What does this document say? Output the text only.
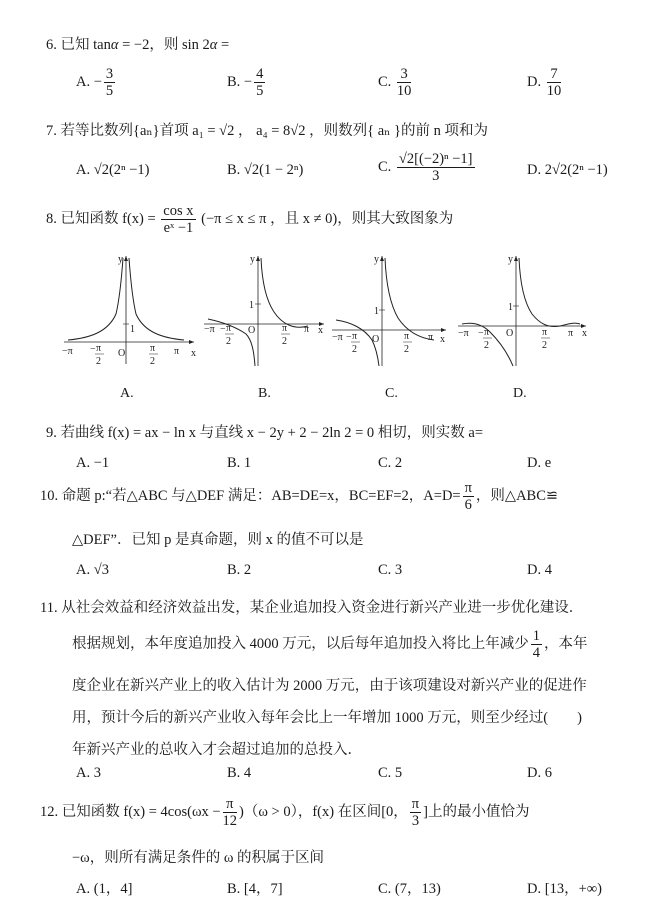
6. 已知 tanα = −2，则 sin 2α =
A. − $\frac{3}{5}$	B. − $\frac{4}{5}$	C. $\frac{3}{10}$	D. $\frac{7}{10}$
7. 若等比数列{aₙ}首项 a₁ = √2 ， a₄ = 8√2 ，则数列{ aₙ }的前 n 项和为
A. √2(2ⁿ −1)	B. √2(1 − 2ⁿ)	C. $\frac{\text{√2[(−2)ⁿ −1]}}{3}$	D. 2√2(2ⁿ −1)
8. 已知函数 $f(x) = \frac{\text{cos x}}{\text{eˣ −1}} (-\pi \le x \le \pi$ ，且 x ≠ 0)，则其大致图象为
y
x
O
1
−π	π
− π
2
π
2
y
x
O
1
−π	π
− π
2
π
2
y
x
O
1
−π	π
− π
2
π
2
y
x
O
1
−π	π
− π
2
π
2
A.	B.	C.	D.
9. 若曲线 f(x) = ax − ln x 与直线 x − 2y + 2 − 2ln 2 = 0 相切，则实数 a=
A. −1	B. 1	C. 2	D. e
10. 命题 p:“若△ABC 与△DEF 满足：AB=DE=x，BC=EF=2，$A=D= \frac{\pi}{6}$ ，则△ABC≌
△DEF”．已知 p 是真命题，则 x 的值不可以是
A. √3	B. 2	C. 3	D. 4
11. 从社会效益和经济效益出发，某企业追加投入资金进行新兴产业进一步优化建设．
根据规划，本年度追加投入 4000 万元，以后每年追加投入将比上年减少 $\frac{1}{4}$ ，本年
度企业在新兴产业上的收入估计为 2000 万元，由于该项建设对新兴产业的促进作
用，预计今后的新兴产业收入每年会比上一年增加 1000 万元，则至少经过(　　)
年新兴产业的总收入才会超过追加的总投入．
A. 3	B. 4	C. 5	D. 6
12. 已知函数 $f(x) = 4\cos(\omega x - \frac{\pi}{12} )(\omega > 0)$，f(x) 在区间[0， $\frac{\pi}{3}$ ]上的最小值恰为
−ω，则所有满足条件的 ω 的积属于区间
A. (1，4]	B. [4，7]	C. (7，13)	D. [13，+∞)
